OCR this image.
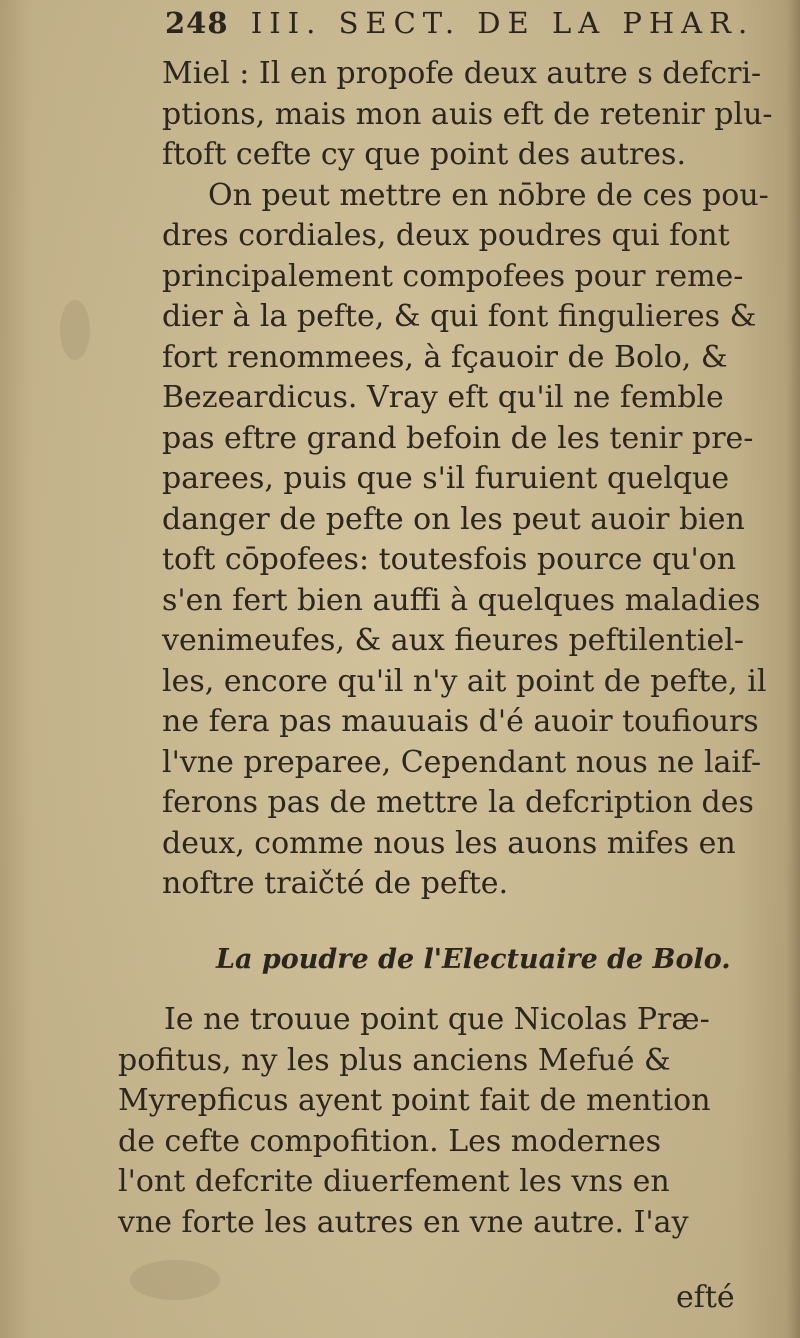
248 III. SECT. DE LA PHAR.
Miel : Il en propofe deux autre s defcri-
ptions, mais mon auis eft de retenir plu-
ftoft cefte cy que point des autres.
On peut mettre en nōbre de ces pou-
dres cordiales, deux poudres qui font
principalement compofees pour reme-
dier à la pefte, & qui font fingulieres &
fort renommees, à fçauoir de Bolo, &
Bezeardicus. Vray eft qu'il ne femble
pas eftre grand befoin de les tenir pre-
parees, puis que s'il furuient quelque
danger de pefte on les peut auoir bien
toft cōpofees: toutesfois pource qu'on
s'en fert bien auffi à quelques maladies
venimeufes, & aux fieures peftilentiel-
les, encore qu'il n'y ait point de pefte, il
ne fera pas mauuais d'é auoir toufiours
l'vne preparee, Cependant nous ne laif-
ferons pas de mettre la defcription des
deux, comme nous les auons mifes en
noftre traičté de pefte.
La poudre de l'Electuaire de Bolo.
Ie ne trouue point que Nicolas Præ-
pofitus, ny les plus anciens Mefué &
Myrepficus ayent point fait de mention
de cefte compofition. Les modernes
l'ont defcrite diuerfement les vns en
vne forte les autres en vne autre. I'ay
efté
